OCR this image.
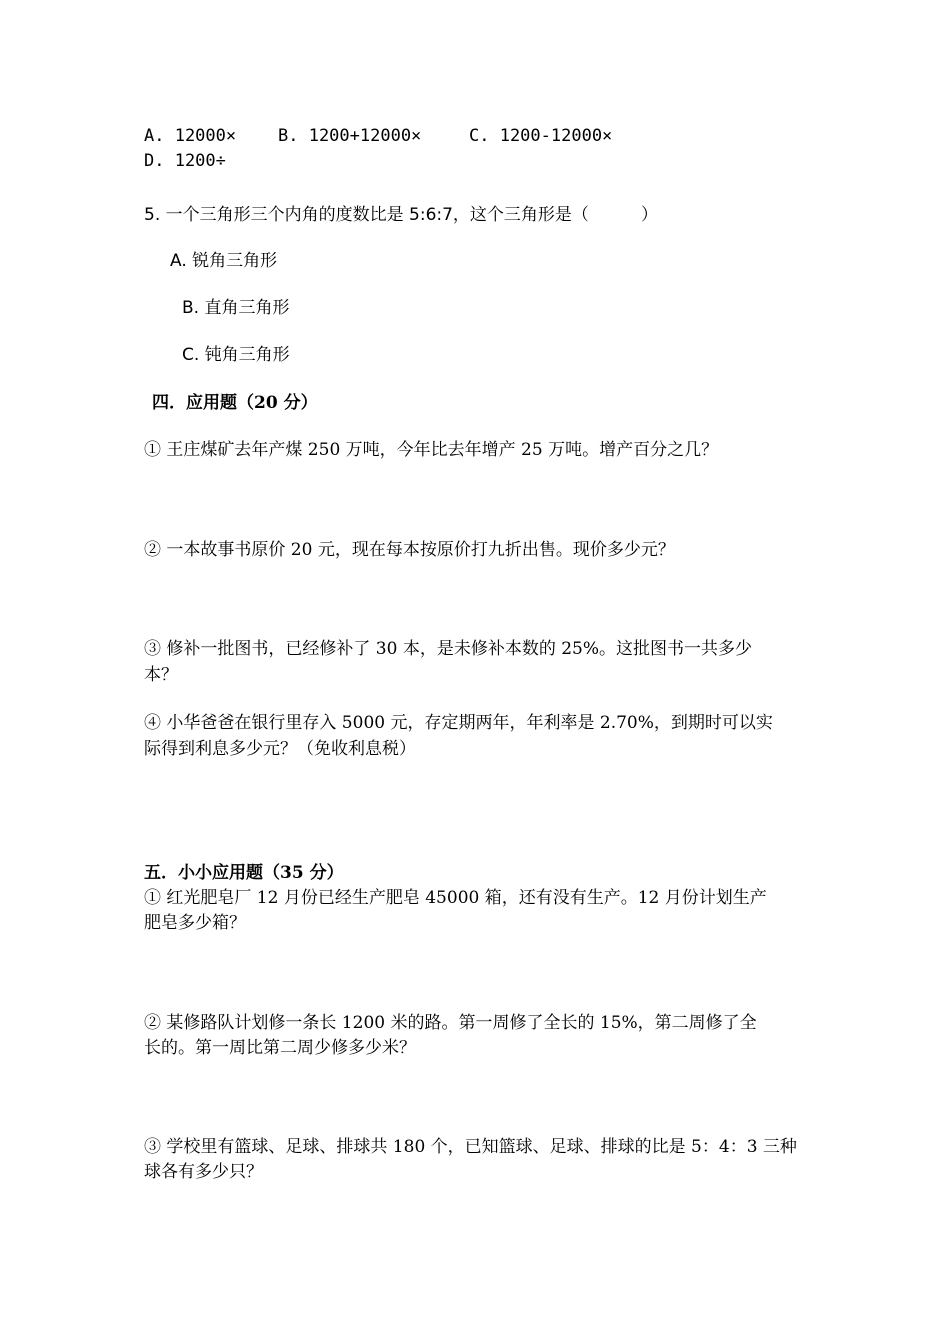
A. 12000× B. 1200+12000×	C. 1200-12000×
D. 1200÷
5. 一个三角形三个内角的度数比是 5:6:7，这个三角形是（	）
A. 锐角三角形
B. 直角三角形
C. 钝角三角形
四．应用题（20 分）
① 王庄煤矿去年产煤 250 万吨，今年比去年增产 25 万吨。增产百分之几？
② 一本故事书原价 20 元，现在每本按原价打九折出售。现价多少元？
③ 修补一批图书，已经修补了 30 本，是未修补本数的 25%。这批图书一共多少
本？
④ 小华爸爸在银行里存入 5000 元，存定期两年，年利率是 2.70%，到期时可以实
际得到利息多少元？（免收利息税）
五．小小应用题（35 分）
① 红光肥皂厂 12 月份已经生产肥皂 45000 箱，还有没有生产。12 月份计划生产
肥皂多少箱？
② 某修路队计划修一条长 1200 米的路。第一周修了全长的 15%，第二周修了全
长的。第一周比第二周少修多少米？
③ 学校里有篮球、足球、排球共 180 个，已知篮球、足球、排球的比是 5：4：3 三种
球各有多少只？
